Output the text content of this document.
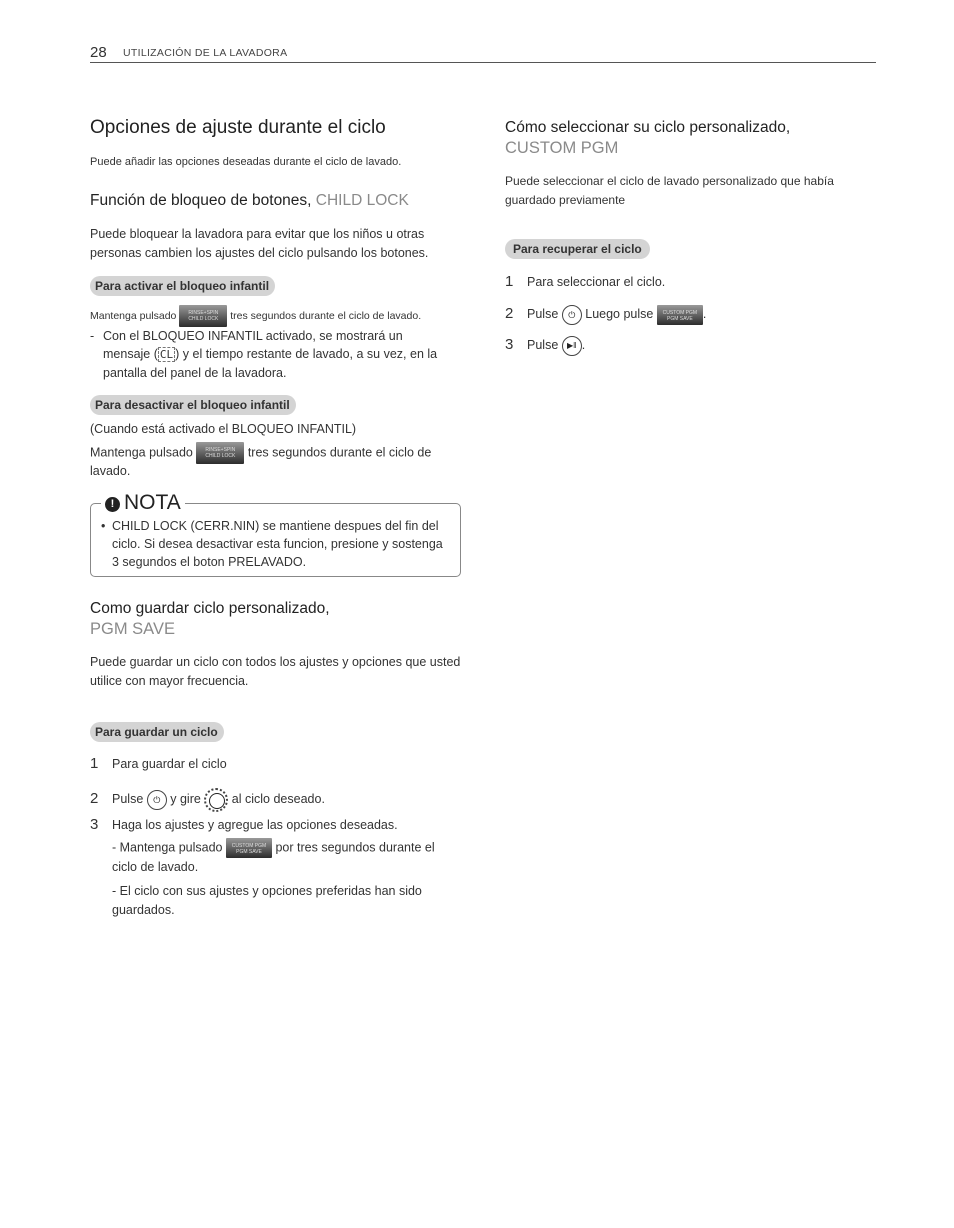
28 UTILIZACIÓN DE LA LAVADORA
Opciones de ajuste durante el ciclo
Puede añadir las opciones deseadas durante el ciclo de lavado.
Función de bloqueo de botones, CHILD LOCK
Puede bloquear la lavadora para evitar que los niños u otras personas cambien los ajustes del ciclo pulsando los botones.
Para activar el bloqueo infantil
Mantenga pulsado RINSE+SPIN
CHILD LOCK tres segundos durante el ciclo de lavado.
- Con el BLOQUEO INFANTIL activado, se mostrará un
mensaje ( CL ) y el tiempo restante de lavado, a su vez, en la
pantalla del panel de la lavadora.
Para desactivar el bloqueo infantil
(Cuando está activado el BLOQUEO INFANTIL)
Mantenga pulsado	RINSE+SPIN
CHILD LOCK tres segundos durante el ciclo de
lavado.
! NOTA
• CHILD LOCK (CERR.NIN) se mantiene despues del fin del ciclo. Si desea desactivar esta funcion, presione y sostenga 3 segundos el boton PRELAVADO.
Como guardar ciclo personalizado,
PGM SAVE
Puede guardar un ciclo con todos los ajustes y opciones que usted utilice con mayor frecuencia.
Para guardar un ciclo
1 Para guardar el ciclo
2 Pulse ⏻ y gire al ciclo deseado.
3 Haga los ajustes y agregue las opciones deseadas.
- Mantenga pulsado CUSTOM PGM
PGM SAVE por tres segundos durante el
ciclo de lavado.
- El ciclo con sus ajustes y opciones preferidas han sido guardados.
Cómo seleccionar su ciclo personalizado,
CUSTOM PGM
Puede seleccionar el ciclo de lavado personalizado que había guardado previamente
Para recuperar el ciclo
1 Para seleccionar el ciclo.
2 Pulse ⏻ Luego pulse CUSTOM PGM
PGM SAVE .
3 Pulse ▶‖ .
